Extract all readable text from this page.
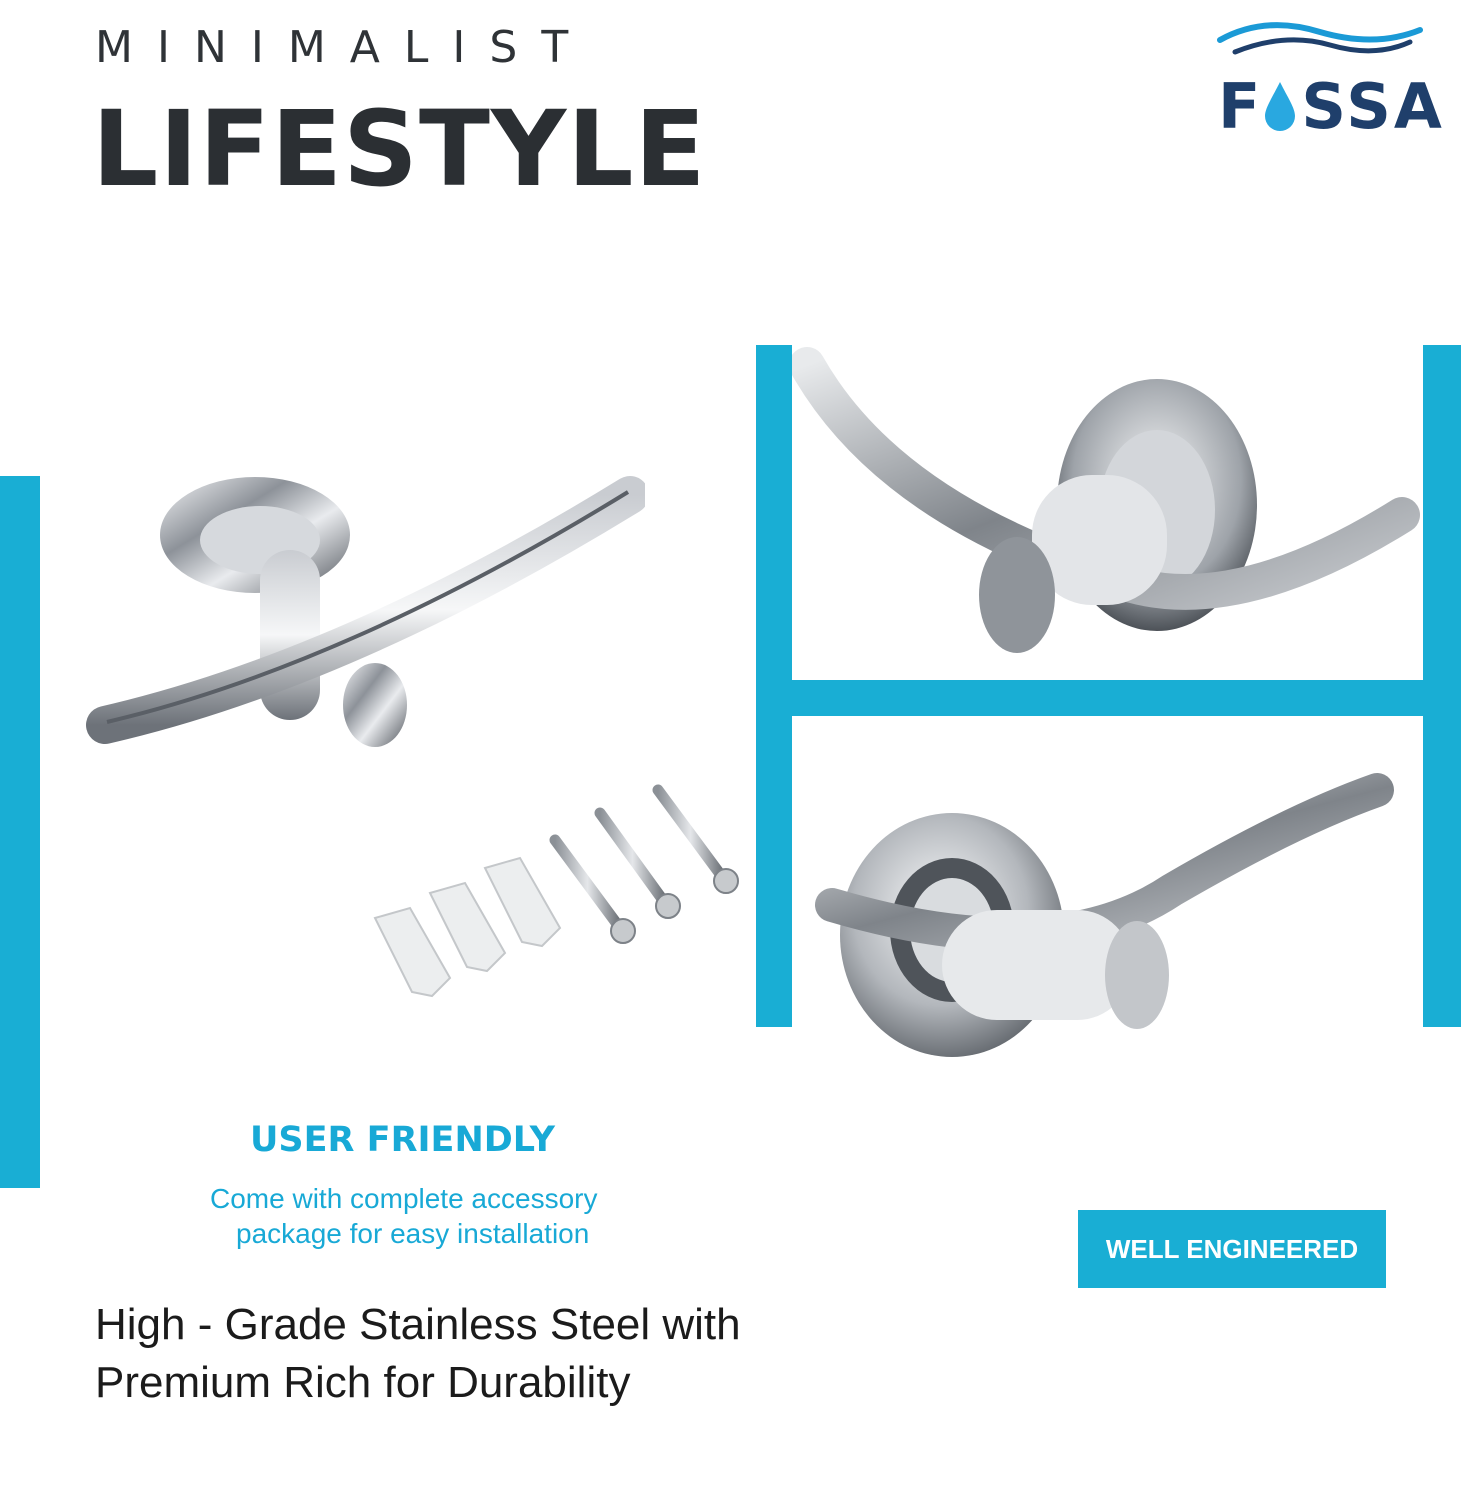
MINIMALIST
LIFESTYLE	F SSA
USER FRIENDLY
Come with complete accessory
package for easy installation	WELL ENGINEERED
High - Grade Stainless Steel with
Premium Rich for Durability
